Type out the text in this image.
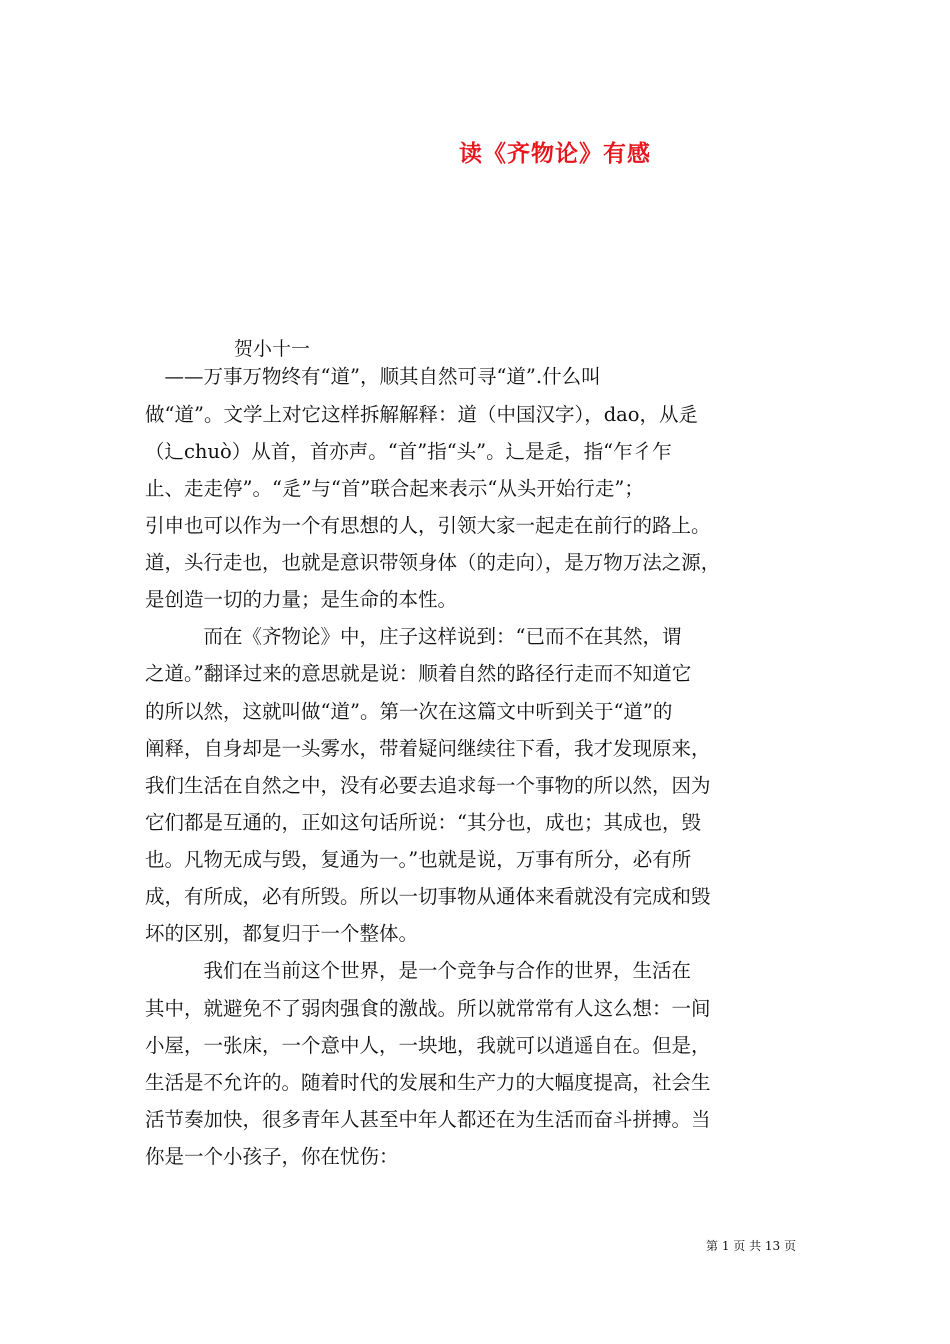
读《齐物论》有感
贺小十一
　——万事万物终有“道”，顺其自然可寻“道”.什么叫
做“道”。文学上对它这样拆解解释：道（中国汉字），dao，从辵
（辶chuò）从首，首亦声。“首”指“头”。辶是辵，指“乍彳乍
止、走走停”。“辵”与“首”联合起来表示“从头开始行走”；
引申也可以作为一个有思想的人，引领大家一起走在前行的路上。
道，头行走也，也就是意识带领身体（的走向），是万物万法之源，
是创造一切的力量；是生命的本性。
　　　而在《齐物论》中，庄子这样说到：“已而不在其然，谓
之道。”翻译过来的意思就是说：顺着自然的路径行走而不知道它
的所以然，这就叫做“道”。第一次在这篇文中听到关于“道”的
阐释，自身却是一头雾水，带着疑问继续往下看，我才发现原来，
我们生活在自然之中，没有必要去追求每一个事物的所以然，因为
它们都是互通的，正如这句话所说：“其分也，成也；其成也，毁
也。凡物无成与毁，复通为一。”也就是说，万事有所分，必有所
成，有所成，必有所毁。所以一切事物从通体来看就没有完成和毁
坏的区别，都复归于一个整体。
　　　我们在当前这个世界，是一个竞争与合作的世界，生活在
其中，就避免不了弱肉强食的激战。所以就常常有人这么想：一间
小屋，一张床，一个意中人，一块地，我就可以逍遥自在。但是，
生活是不允许的。随着时代的发展和生产力的大幅度提高，社会生
活节奏加快，很多青年人甚至中年人都还在为生活而奋斗拼搏。当
你是一个小孩子，你在忧伤：
第 1 页 共 13 页
